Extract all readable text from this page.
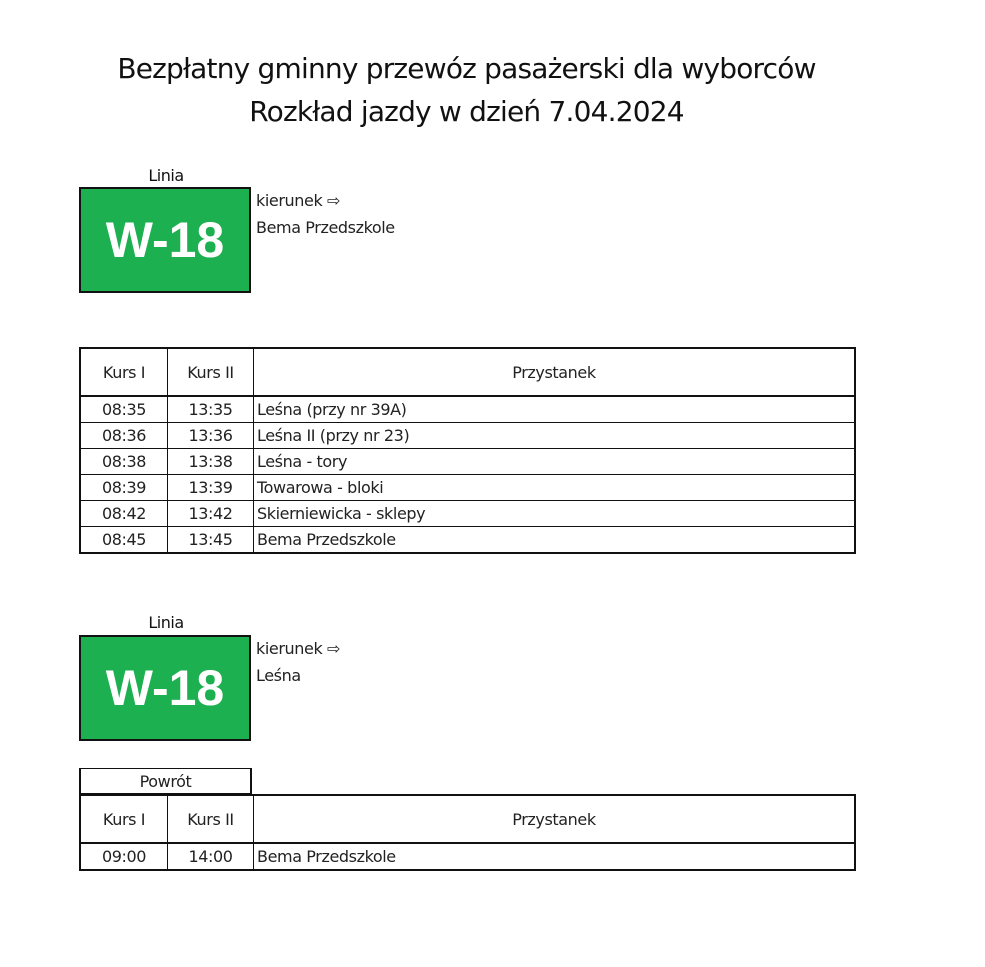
Bezpłatny gminny przewóz pasażerski dla wyborców
Rozkład jazdy w dzień 7.04.2024
Linia
W-18
kierunek ⇨
Bema Przedszkole
Kurs I	Kurs II	Przystanek
08:35	13:35	Leśna (przy nr 39A)
08:36	13:36	Leśna II (przy nr 23)
08:38	13:38	Leśna - tory
08:39	13:39	Towarowa - bloki
08:42	13:42	Skierniewicka - sklepy
08:45	13:45	Bema Przedszkole
Linia
W-18
kierunek ⇨
Leśna
Powrót
Kurs I	Kurs II	Przystanek
09:00	14:00	Bema Przedszkole
